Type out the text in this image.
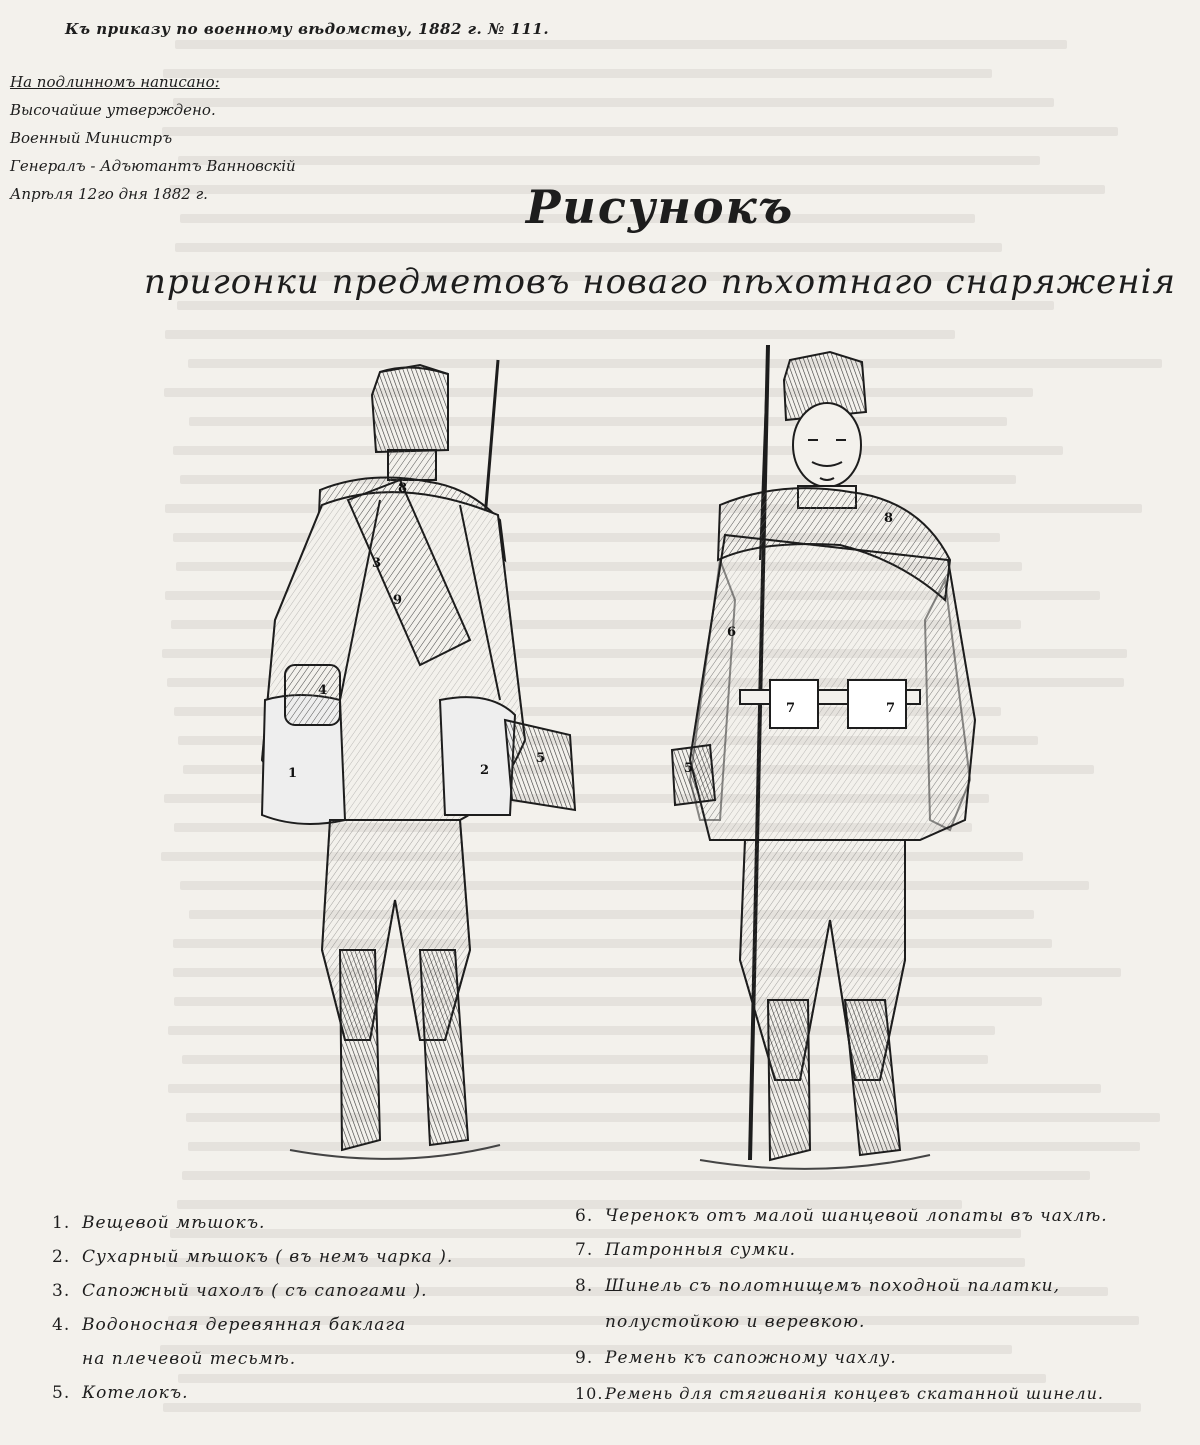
Къ приказу по военному вѣдомству, 1882 г. № 111.
На подлинномъ написано:
Высочайше утверждено.
Военный Министръ
Генералъ - Адъютантъ Ванновскій
Апрѣля 12го дня 1882 г.	Рисунокъ
пригонки предметовъ новаго пѣхотнаго снаряженія
8
3
9
4
1	2
5
8
6
7	7
5
1. Вещевой мѣшокъ.
2. Сухарный мѣшокъ ( въ немъ чарка ).
3. Сапожный чахолъ ( съ сапогами ).
4. Водоносная деревянная баклага
на плечевой тесьмѣ.
5. Котелокъ.
6. Черенокъ отъ малой шанцевой лопаты въ чахлѣ.
7. Патронныя сумки.
8. Шинель съ полотнищемъ походной палатки,
полустойкою и веревкою.
9. Ремень къ сапожному чахлу.
10.Ремень для стягиванія концевъ скатанной шинели.
